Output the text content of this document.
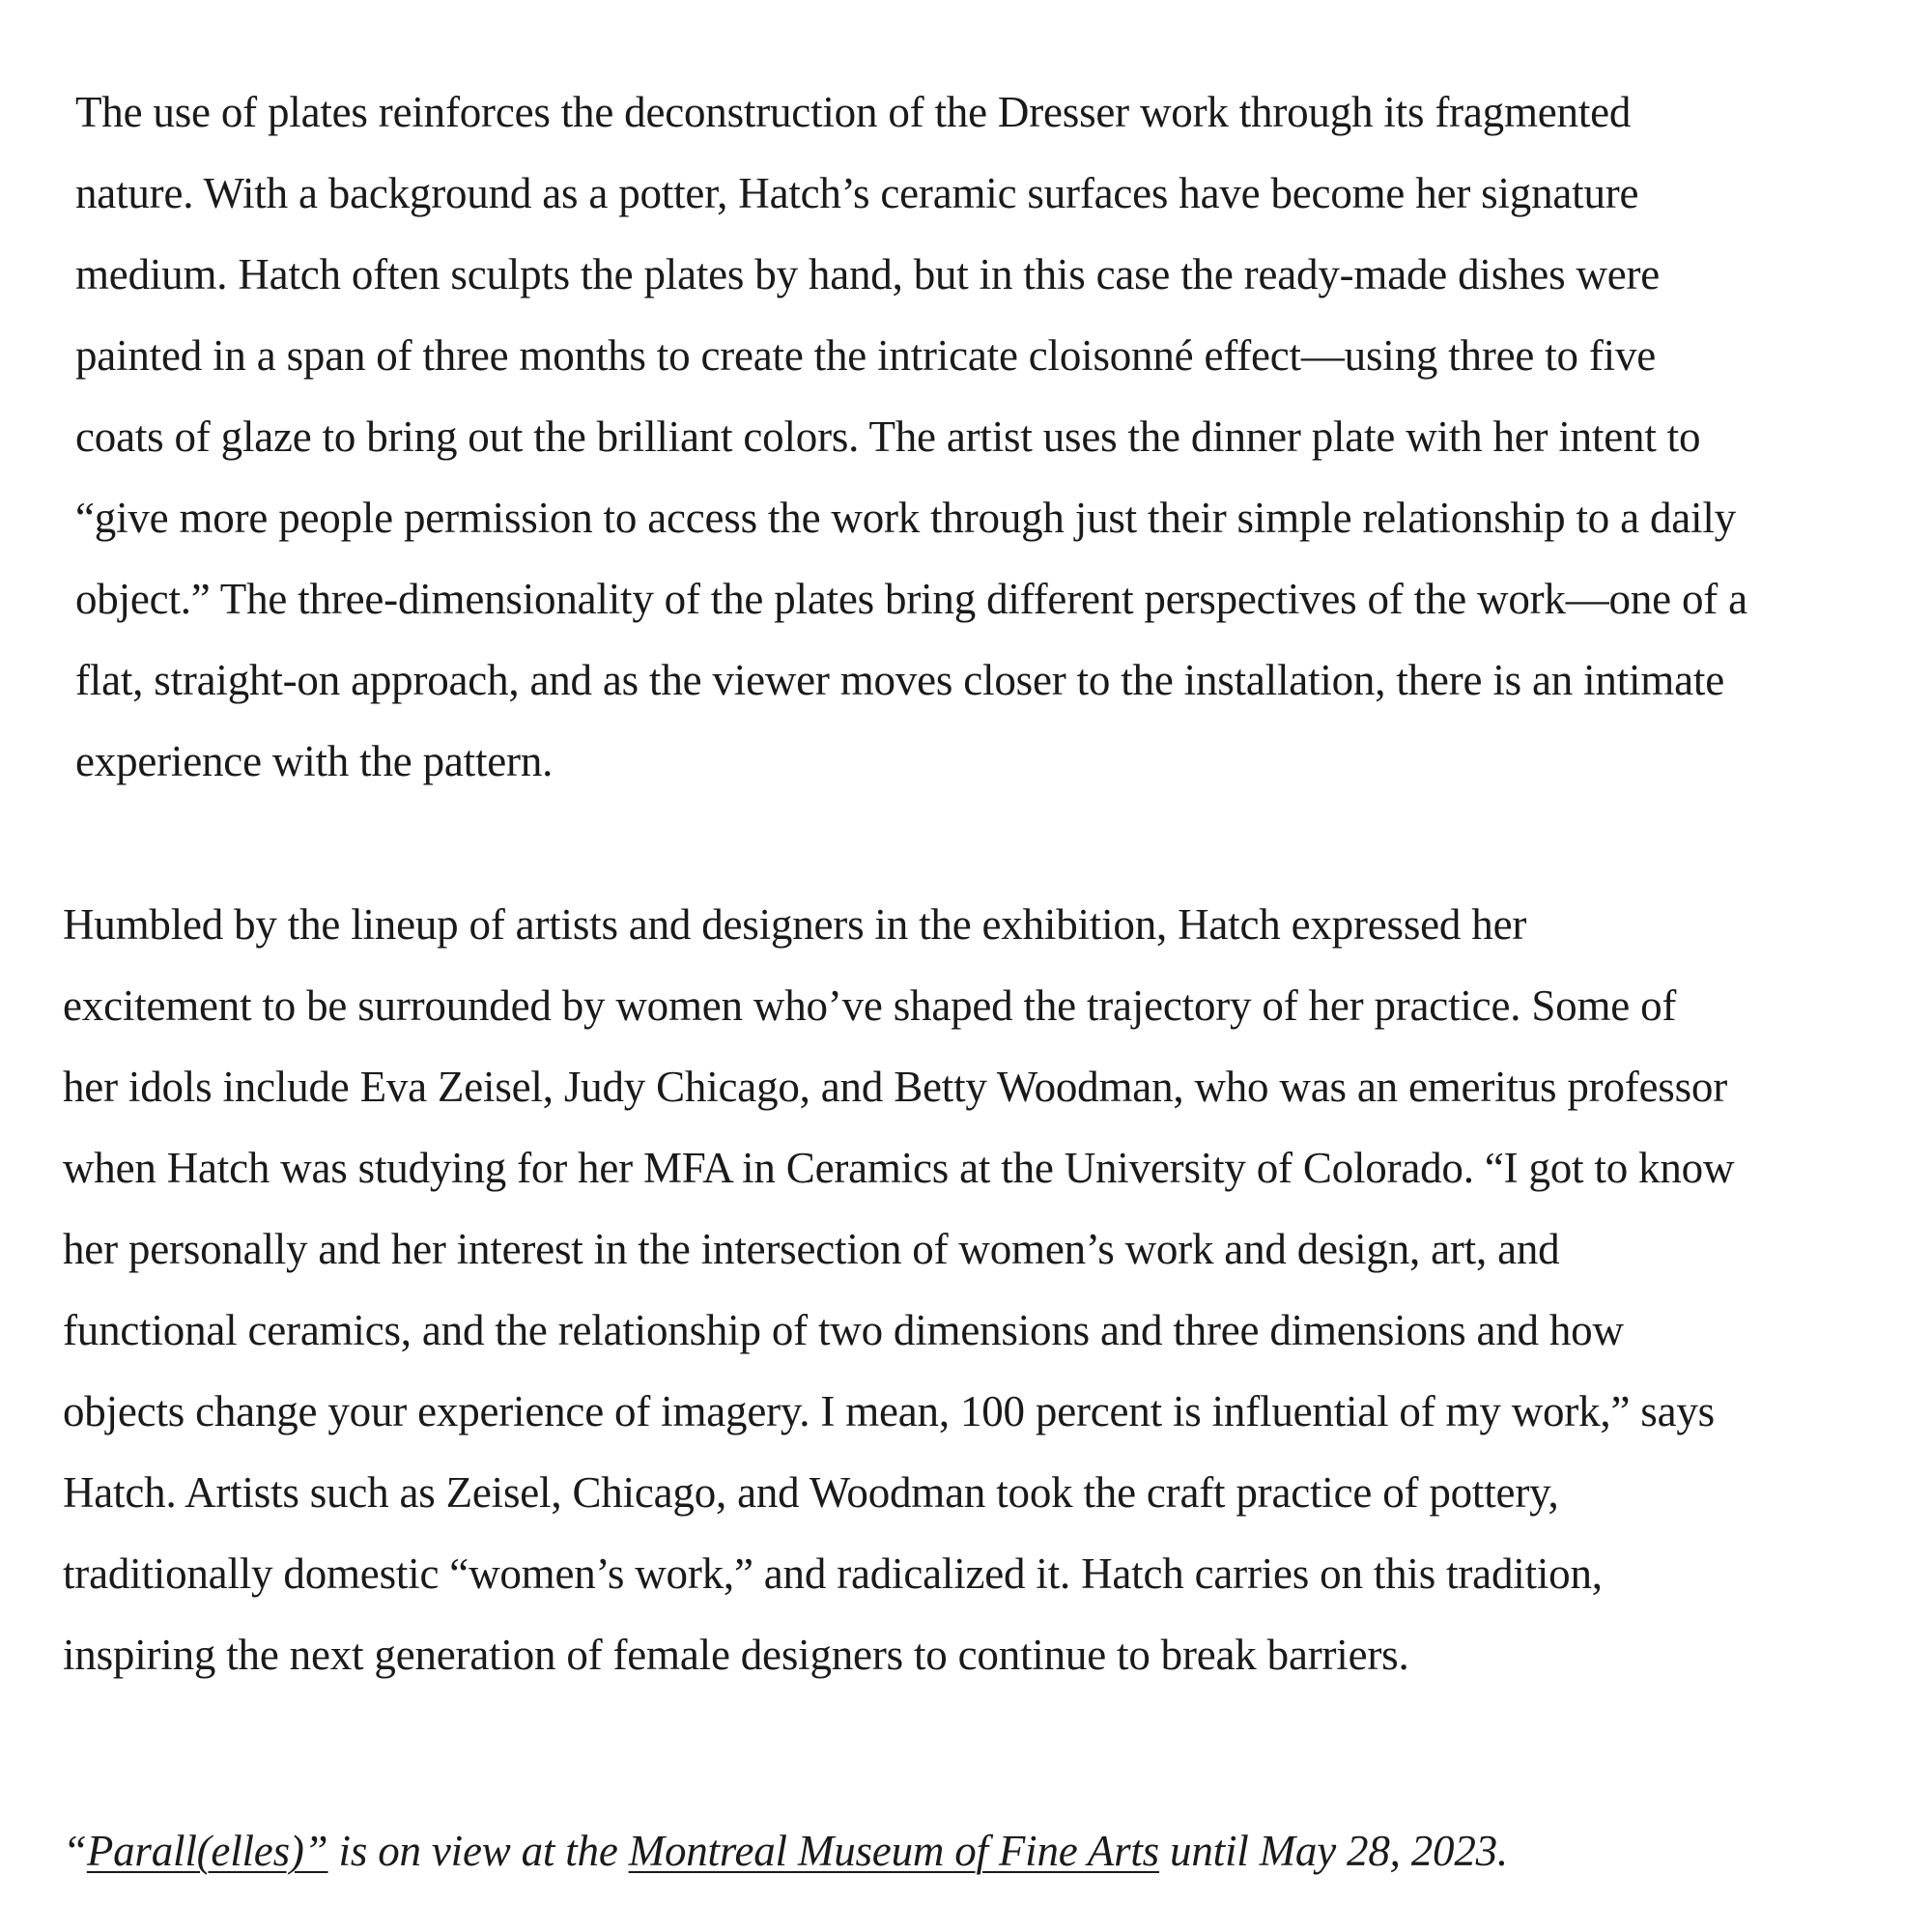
The use of plates reinforces the deconstruction of the Dresser work through its fragmented
nature. With a background as a potter, Hatch’s ceramic surfaces have become her signature
medium. Hatch often sculpts the plates by hand, but in this case the ready-made dishes were
painted in a span of three months to create the intricate cloisonné effect—using three to five
coats of glaze to bring out the brilliant colors. The artist uses the dinner plate with her intent to
“give more people permission to access the work through just their simple relationship to a daily
object.” The three-dimensionality of the plates bring different perspectives of the work—one of a
flat, straight-on approach, and as the viewer moves closer to the installation, there is an intimate
experience with the pattern.

Humbled by the lineup of artists and designers in the exhibition, Hatch expressed her
excitement to be surrounded by women who’ve shaped the trajectory of her practice. Some of
her idols include Eva Zeisel, Judy Chicago, and Betty Woodman, who was an emeritus professor
when Hatch was studying for her MFA in Ceramics at the University of Colorado. “I got to know
her personally and her interest in the intersection of women’s work and design, art, and
functional ceramics, and the relationship of two dimensions and three dimensions and how
objects change your experience of imagery. I mean, 100 percent is influential of my work,” says
Hatch. Artists such as Zeisel, Chicago, and Woodman took the craft practice of pottery,
traditionally domestic “women’s work,” and radicalized it. Hatch carries on this tradition,
inspiring the next generation of female designers to continue to break barriers.

“Parall(elles)” is on view at the Montreal Museum of Fine Arts until May 28, 2023.
